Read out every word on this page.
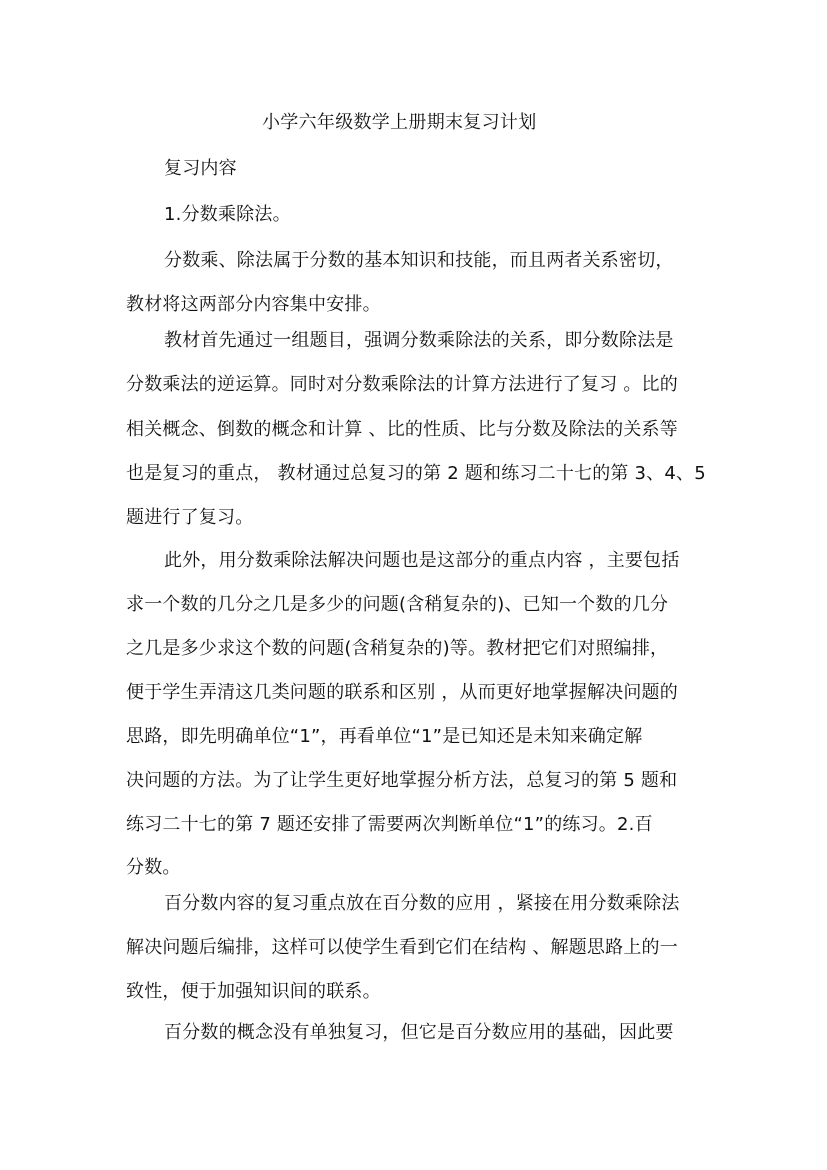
小学六年级数学上册期末复习计划
复习内容
1.分数乘除法。
分数乘、除法属于分数的基本知识和技能，而且两者关系密切，
教材将这两部分内容集中安排。
教材首先通过一组题目，强调分数乘除法的关系，即分数除法是
分数乘法的逆运算。同时对分数乘除法的计算方法进行了复习 。比的
相关概念、倒数的概念和计算 、比的性质、比与分数及除法的关系等
也是复习的重点， 教材通过总复习的第 2 题和练习二十七的第 3、4、5
题进行了复习。
此外，用分数乘除法解决问题也是这部分的重点内容 ，主要包括
求一个数的几分之几是多少的问题(含稍复杂的)、已知一个数的几分
之几是多少求这个数的问题(含稍复杂的)等。教材把它们对照编排，
便于学生弄清这几类问题的联系和区别 ，从而更好地掌握解决问题的
思路，即先明确单位“1”，再看单位“1”是已知还是未知来确定解
决问题的方法。为了让学生更好地掌握分析方法，总复习的第 5 题和
练习二十七的第 7 题还安排了需要两次判断单位“1”的练习。2.百
分数。
百分数内容的复习重点放在百分数的应用 ，紧接在用分数乘除法
解决问题后编排，这样可以使学生看到它们在结构 、解题思路上的一
致性，便于加强知识间的联系。
百分数的概念没有单独复习，但它是百分数应用的基础，因此要
